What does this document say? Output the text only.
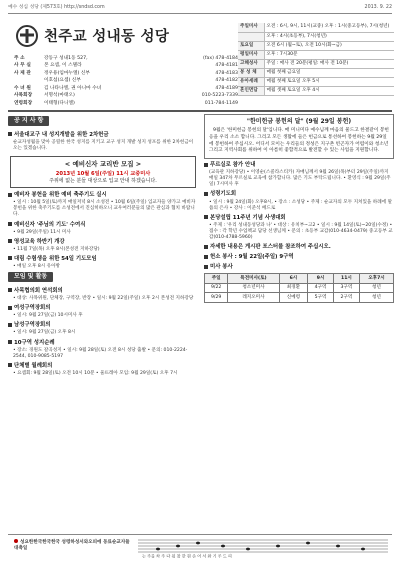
예수 성심 성당 (제573호) http://sndsd.com	2013. 9. 22
천주교 성내동 성당
주 소	강동구 성내1동 527,	(fax) 478-4184
사 무 실	본 요셉, 이 스텔라	478-4181
사 제 관	정우용(임마누엘) 신부	478-4183
이호섭(요셉) 신부	478-4182
수 녀 원	김 나타나엘, 권 아니마 수녀	478-4189
사목회장	서명석(마태오)	010-5223-7339
연령회장	이태형(다니엘)	011-784-1149
주일미사	오전 : 6시, 9시, 11시(교중) 오후 : 1시(중고등부), 7시(청년)
	오후 : 4시(초등부), 7시(청년)
토요일	오전 6시 (월~토), 오전 10시(화~금)
평일미사	오후 : 7시30분
고해성사	주일 : 매사 전 20분(평일: 매사 전 10분)
봉 성 체	매월 첫째 금요일
유아세례	매월 첫째 토요일 오후 5시
혼인면담	매월 셋째 토요일 오후 4시
공 지 사 항
서울대교구 내 성지개발을 위한 2차헌금
순교자성월을 맞아 공릴한 한국 성지를 지키고 교구 성지 개발 성지 성포를 위한 2차헌금이 오는 있겠습니다.
< 예비신자 교리반 모집 >
2013년 10월 6일(주일) 11시 교중미사
주위에 없는 분들 대상으로 입교 안내 하겠습니다.
예비자 봉헌을 위한 예비 축주기도 실시
• 일시 : 10월 5일(토)까지 매일저녁 8시 소성전 • 10월 6일(주일) 입교자들 양가고 예비자 봉헌을 위한 축주기도를 소성전에서 진심히하오니 교우여러분들의 많은 관심과 협치 바랍니다.
예비신자 '주님의 기도' 수여식
• 9월 29일(주일) 11시 미사
영성교육 하반기 개강
• 11월 7일(목) 오후 8시(본성전 지하강당)
대림 수험생을 위한 54일 기도모임
• 매일 오후 8시 유아방
모임 및 활동
사목협의회 연석회의
• 대상: 사목위원, 단체장, 구역장, 반장 • 일시: 9월 22일(주일) 오후 2시 본성전 지하강당
여성구역장회의
• 일시: 9월 27일(금) 10시미사 후
남성구역장회의
• 일시: 9월 27일(금) 오후 8시
10구역 성지순례
• 장소: 경원도 갈곡성지 • 일시: 9월 28일(토) 오전 8시 성당 출발 • 문의: 010-2224-2544, 010-9085-5197
단체별 월례회의
• 요셉회: 9월 28일(토) 오전 10시 10분 • 울뜨레아 모임: 9월 29일(토) 오후 7시
"한미헌금 봉헌의 달" (9월 29일 봉헌)

9월은 '한미헌금 봉헌의 달'입니다. 매 미니미다 예수님께 마음의 물드고 한결같이 봉헌 응을 우리 소소 합니다. 그리고 모든 생활에 들은 헌금으로 통선하여 봉헌하는 9월 29일에 봉헌하여 주십시오. 어디서 모이는 우리들의 정성은 지구촌 빈곤자가 어렵이와 청소년 그리고 지역사회를 위하여 이 아름히 좋합적으로 발전할 수 있는 사업을 지원합니다.

푸르실로 참가 안내
(교육관 지하강당) • 이영순(스콜라스티카) 자매님께서 9월 26일(목)부터 29일(주일)까지 매일 347차 무르실로 교육에 참가합니다. 많은 기도 부탁드립니다. • 환영식 : 9월 29일(주일) 7시미사 후
성령기도회
• 일시 : 9월 24일(화) 오후8시, • 장소 : 소성당 • 주제 : 순교자의 모두 지쳐있을 하례에 말씀의 은사 • 강사 : 이준석 베드로
본당설립 11주년 기념 사생대회
• 주제 : '우리 성내동성당과 나' • 대상 : 유치부~고2 • 일시 : 9월 14일(토)~20일(수정) • 접수 : 각 학년 수업책교 담당 선생님께 • 문의 : 초등부 교감(010-4634-0479) 중고등부 교감(010-4788-5960)
자세한 내용은 게시판 포스터를 참조하여 주십시오.
헌소 봉사 : 9월 22일(주일) 9구역
미사 봉사
주일	특전미사(토)	6시	9시	11시	오후7시
9/22	청소년미사	최경환	4구역	3구역	청년
9/29	레지오미사	신예령	5구역	2구역	청년
성요한한국한국한국 성령하성서와오피에 동료순교자들 대축일
는 주를 차 주 다 될 참 한 원 손 어 서 와 기 주 드 리
